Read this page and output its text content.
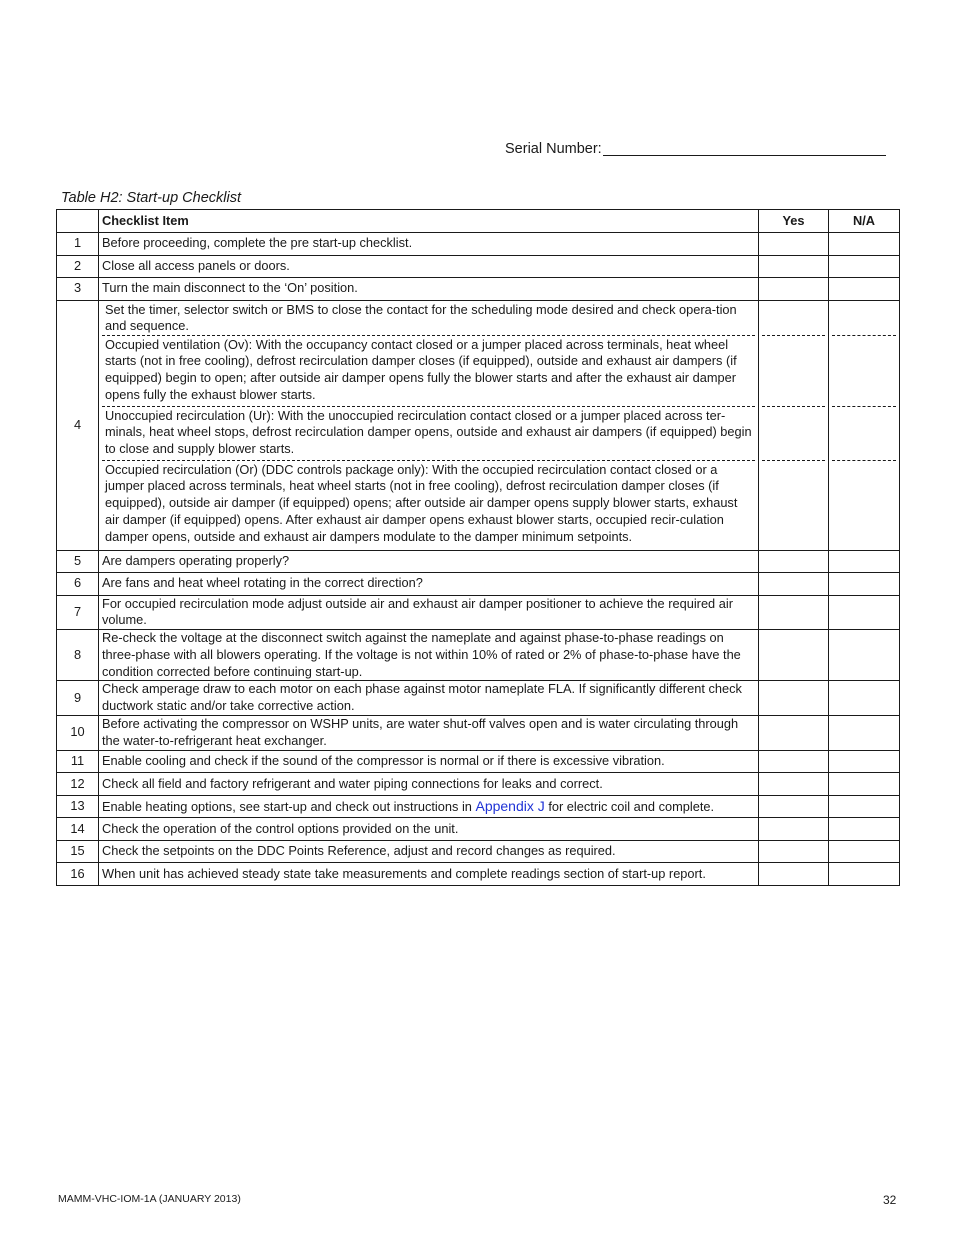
Serial Number:
Table H2: Start-up Checklist
	Checklist Item	Yes	N/A
1	Before proceeding, complete the pre start-up checklist.		
2	Close all access panels or doors.		
3	Turn the main disconnect to the ‘On’ position.		
4	Set the timer, selector switch or BMS to close the contact for the scheduling mode desired and check opera-tion and sequence.
Occupied ventilation (Ov): With the occupancy contact closed or a jumper placed across terminals, heat wheel starts (not in free cooling), defrost recirculation damper closes (if equipped), outside and exhaust air dampers (if equipped) begin to open; after outside air damper opens fully the blower starts and after the exhaust air damper opens fully the exhaust blower starts.
Unoccupied recirculation (Ur): With the unoccupied recirculation contact closed or a jumper placed across ter-minals, heat wheel stops, defrost recirculation damper opens, outside and exhaust air dampers (if equipped) begin to close and supply blower starts.
Occupied recirculation (Or) (DDC controls package only): With the occupied recirculation contact closed or a jumper placed across terminals, heat wheel starts (not in free cooling), defrost recirculation damper closes (if equipped), outside air damper (if equipped) opens; after outside air damper opens supply blower starts, exhaust air damper (if equipped) opens. After exhaust air damper opens exhaust blower starts, occupied recir-culation damper opens, outside and exhaust air dampers modulate to the damper minimum setpoints.		

5	Are dampers operating properly?		
6	Are fans and heat wheel rotating in the correct direction?		
7	For occupied recirculation mode adjust outside air and exhaust air damper positioner to achieve the required air volume.		
8	Re-check the voltage at the disconnect switch against the nameplate and against phase-to-phase readings on three-phase with all blowers operating. If the voltage is not within 10% of rated or 2% of phase-to-phase have the condition corrected before continuing start-up.		
9	Check amperage draw to each motor on each phase against motor nameplate FLA. If significantly different check ductwork static and/or take corrective action.		
10	Before activating the compressor on WSHP units, are water shut-off valves open and is water circulating through the water-to-refrigerant heat exchanger.		
11	Enable cooling and check if the sound of the compressor is normal or if there is excessive vibration.		
12	Check all field and factory refrigerant and water piping connections for leaks and correct.		
13	Enable heating options, see start-up and check out instructions in Appendix J for electric coil and complete.		
14	Check the operation of the control options provided on the unit.		
15	Check the setpoints on the DDC Points Reference, adjust and record changes as required.		
16	When unit has achieved steady state take measurements and complete readings section of start-up report.		
MAMM-VHC-IOM-1A (JANUARY 2013)	32
